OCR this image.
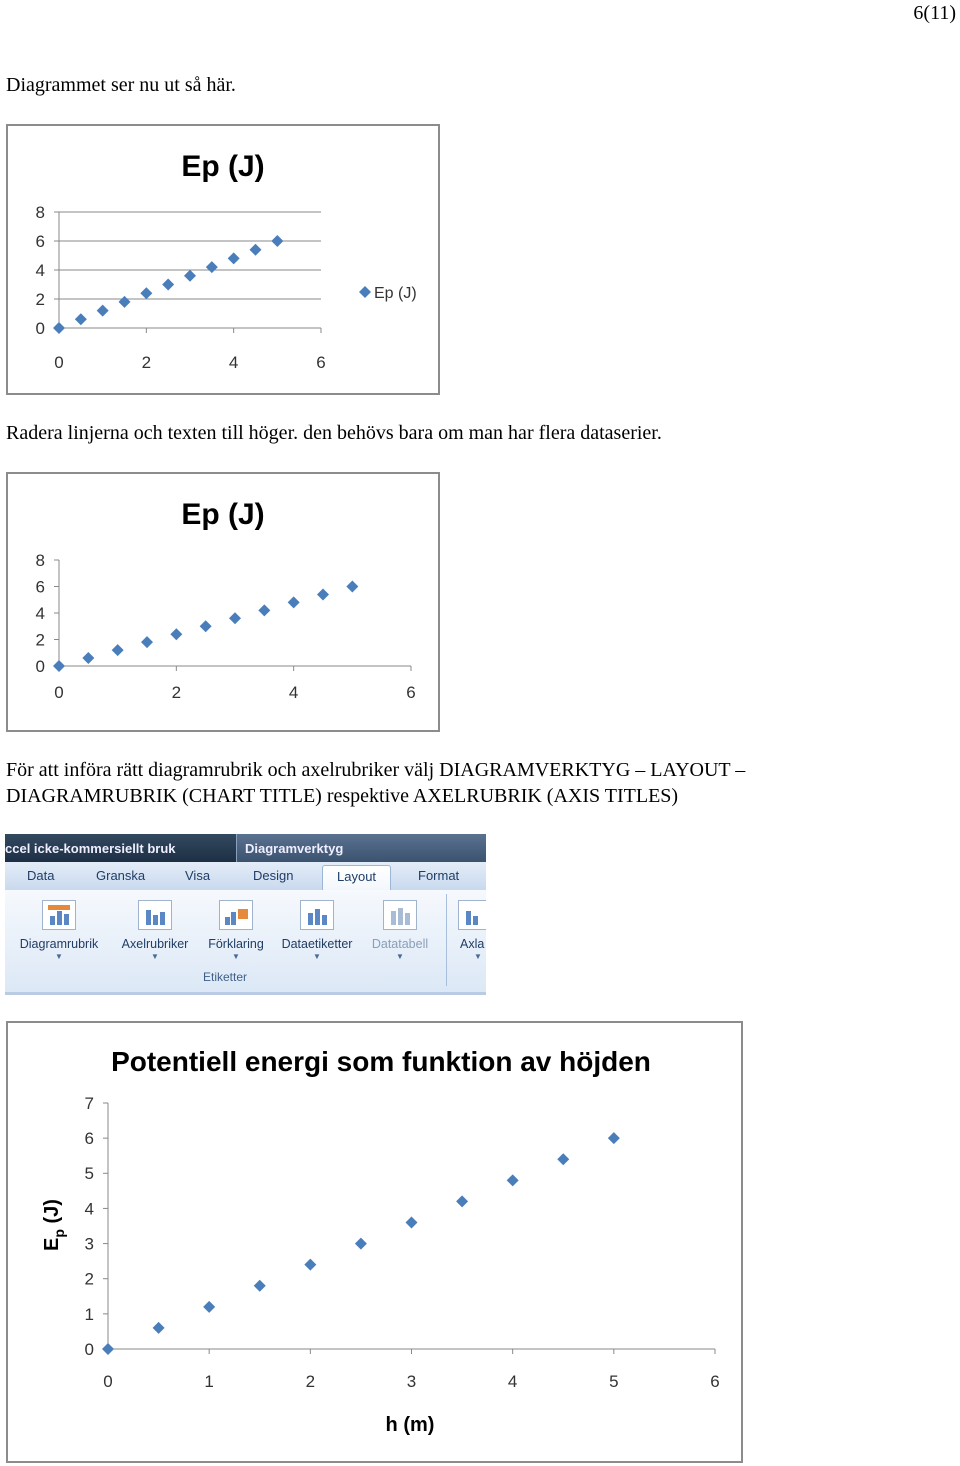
6(11)
Diagrammet ser nu ut så här.
Ep (J)
0
2
4
6
8
0	2	4	6
Ep (J)
Radera linjerna och texten till höger. den behövs bara om man har flera dataserier.
Ep (J)
0
2
4
6
8
0	2	4	6
För att införa rätt diagramrubrik och axelrubriker välj DIAGRAMVERKTYG – LAYOUT –
DIAGRAMRUBRIK (CHART TITLE) respektive AXELRUBRIK (AXIS TITLES)
ccel icke-kommersiellt bruk	Diagramverktyg
Data	Granska	Visa	Design	Layout	Format
Diagramrubrik
▼
Axelrubriker
▼
Förklaring
▼
Dataetiketter
▼
Datatabell
▼
Axla
▼
Etiketter
Potentiell energi som funktion av höjden
0
1
2
3
4
5
6
7
0	1	2	3	4	5	6
h (m)
$E_p$ (J)
